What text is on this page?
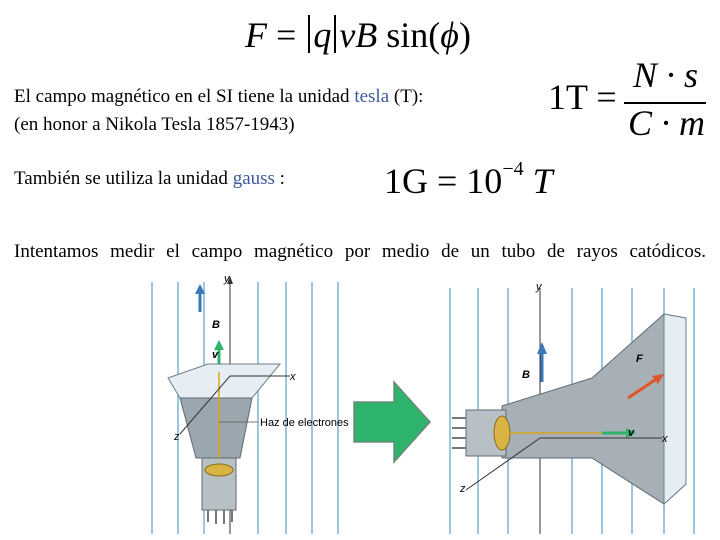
F = q vB sin(ϕ)
El campo magnético en el SI tiene la unidad tesla (T):
(en honor a Nikola Tesla 1857-1943)
1T =
N · s
C · m
También se utiliza la unidad gauss :	$1G = 10^{-4}$ T
Intentamos medir el campo magnético por medio de un tubo de rayos catódicos.
y
B
v
x
z
Haz de electrones
y
B
v
F
x
z
